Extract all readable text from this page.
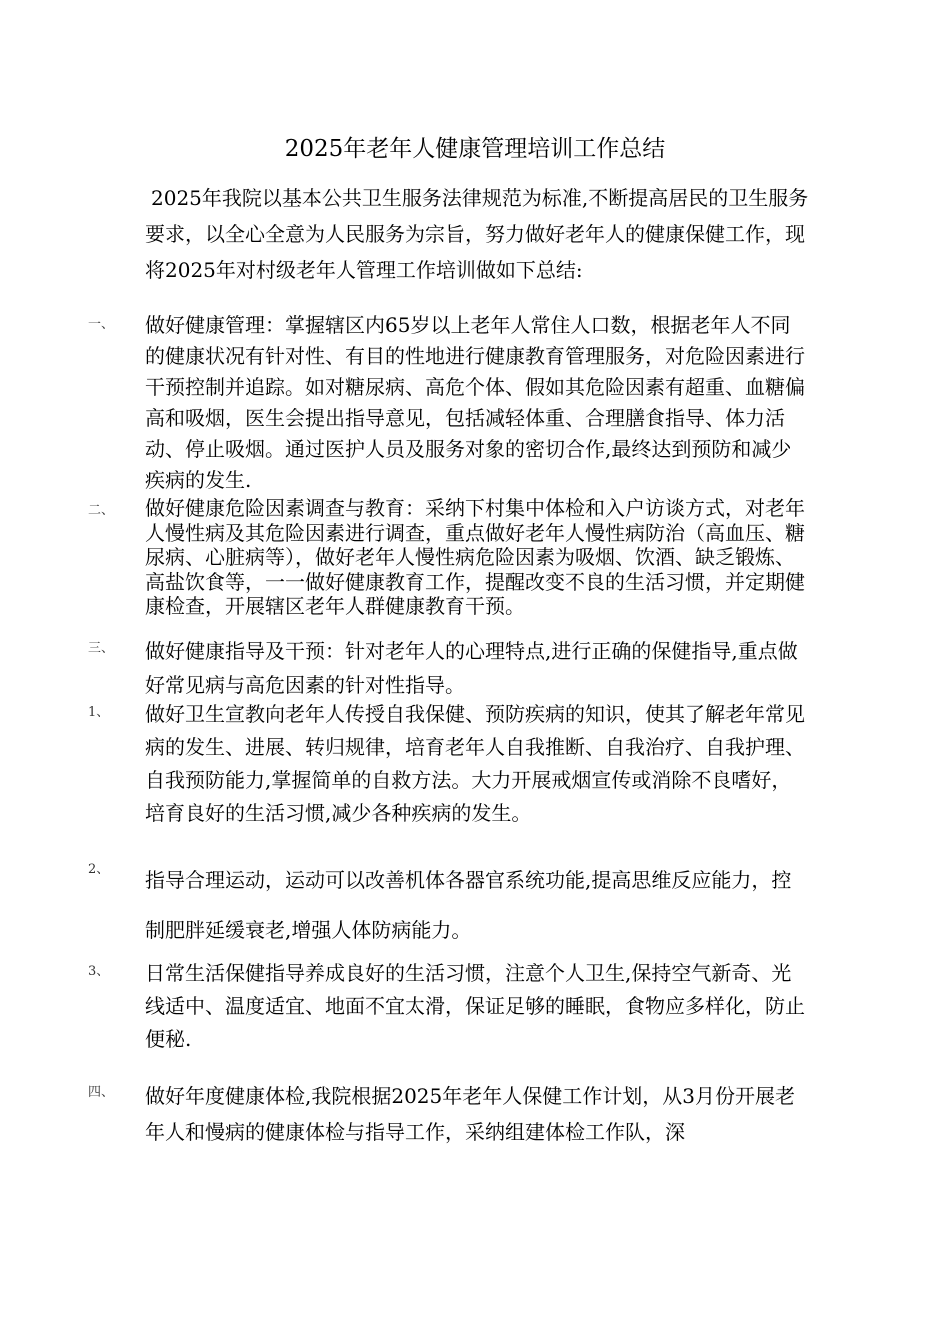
2025年老年人健康管理培训工作总结
2025年我院以基本公共卫生服务法律规范为标准,不断提高居民的卫生服务要求，以全心全意为人民服务为宗旨，努力做好老年人的健康保健工作，现将2025年对村级老年人管理工作培训做如下总结:
一、 做好健康管理：掌握辖区内65岁以上老年人常住人口数，根据老年人不同的健康状况有针对性、有目的性地进行健康教育管理服务，对危险因素进行干预控制并追踪。如对糖尿病、高危个体、假如其危险因素有超重、血糖偏高和吸烟，医生会提出指导意见，包括减轻体重、合理膳食指导、体力活动、停止吸烟。通过医护人员及服务对象的密切合作,最终达到预防和减少疾病的发生.
二、 做好健康危险因素调查与教育：采纳下村集中体检和入户访谈方式，对老年人慢性病及其危险因素进行调查，重点做好老年人慢性病防治（高血压、糖尿病、心脏病等），做好老年人慢性病危险因素为吸烟、饮酒、缺乏锻炼、高盐饮食等，一一做好健康教育工作，提醒改变不良的生活习惯，并定期健康检查，开展辖区老年人群健康教育干预。
三、 做好健康指导及干预：针对老年人的心理特点,进行正确的保健指导,重点做好常见病与高危因素的针对性指导。
1、 做好卫生宣教向老年人传授自我保健、预防疾病的知识，使其了解老年常见病的发生、进展、转归规律，培育老年人自我推断、自我治疗、自我护理、自我预防能力,掌握简单的自救方法。大力开展戒烟宣传或消除不良嗜好，培育良好的生活习惯,减少各种疾病的发生。
2、 指导合理运动，运动可以改善机体各器官系统功能,提高思维反应能力，控制肥胖延缓衰老,增强人体防病能力。
3、 日常生活保健指导养成良好的生活习惯，注意个人卫生,保持空气新奇、光线适中、温度适宜、地面不宜太滑，保证足够的睡眠，食物应多样化，防止便秘.
四、 做好年度健康体检,我院根据2025年老年人保健工作计划，从3月份开展老年人和慢病的健康体检与指导工作，采纳组建体检工作队，深
